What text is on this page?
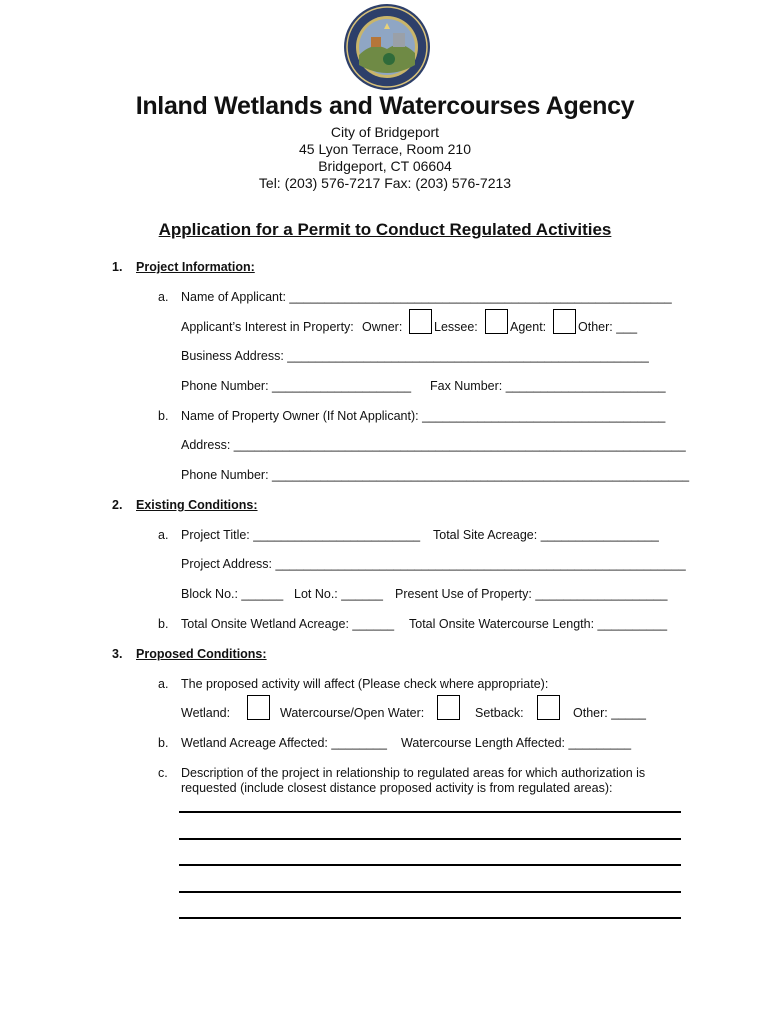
Inland Wetlands and Watercourses Agency
City of Bridgeport
45 Lyon Terrace, Room 210
Bridgeport, CT 06604
Tel: (203) 576-7217 Fax: (203) 576-7213
Application for a Permit to Conduct Regulated Activities
1. Project Information:
a. Name of Applicant: _______________________________________________________
Applicant’s Interest in Property: Owner:	Lessee:	Agent:	Other: ___
Business Address: ____________________________________________________
Phone Number: ____________________ Fax Number: _______________________
b. Name of Property Owner (If Not Applicant): ___________________________________
Address: _________________________________________________________________
Phone Number: ____________________________________________________________
2. Existing Conditions:
a. Project Title: ________________________ Total Site Acreage: _________________
Project Address: ___________________________________________________________
Block No.: ______ Lot No.: ______ Present Use of Property: ___________________
b. Total Onsite Wetland Acreage: ______ Total Onsite Watercourse Length: __________
3. Proposed Conditions:
a. The proposed activity will affect (Please check where appropriate):
Wetland:	Watercourse/Open Water:	Setback:	Other: _____
b. Wetland Acreage Affected: ________ Watercourse Length Affected: _________
c. Description of the project in relationship to regulated areas for which authorization is
requested (include closest distance proposed activity is from regulated areas):
